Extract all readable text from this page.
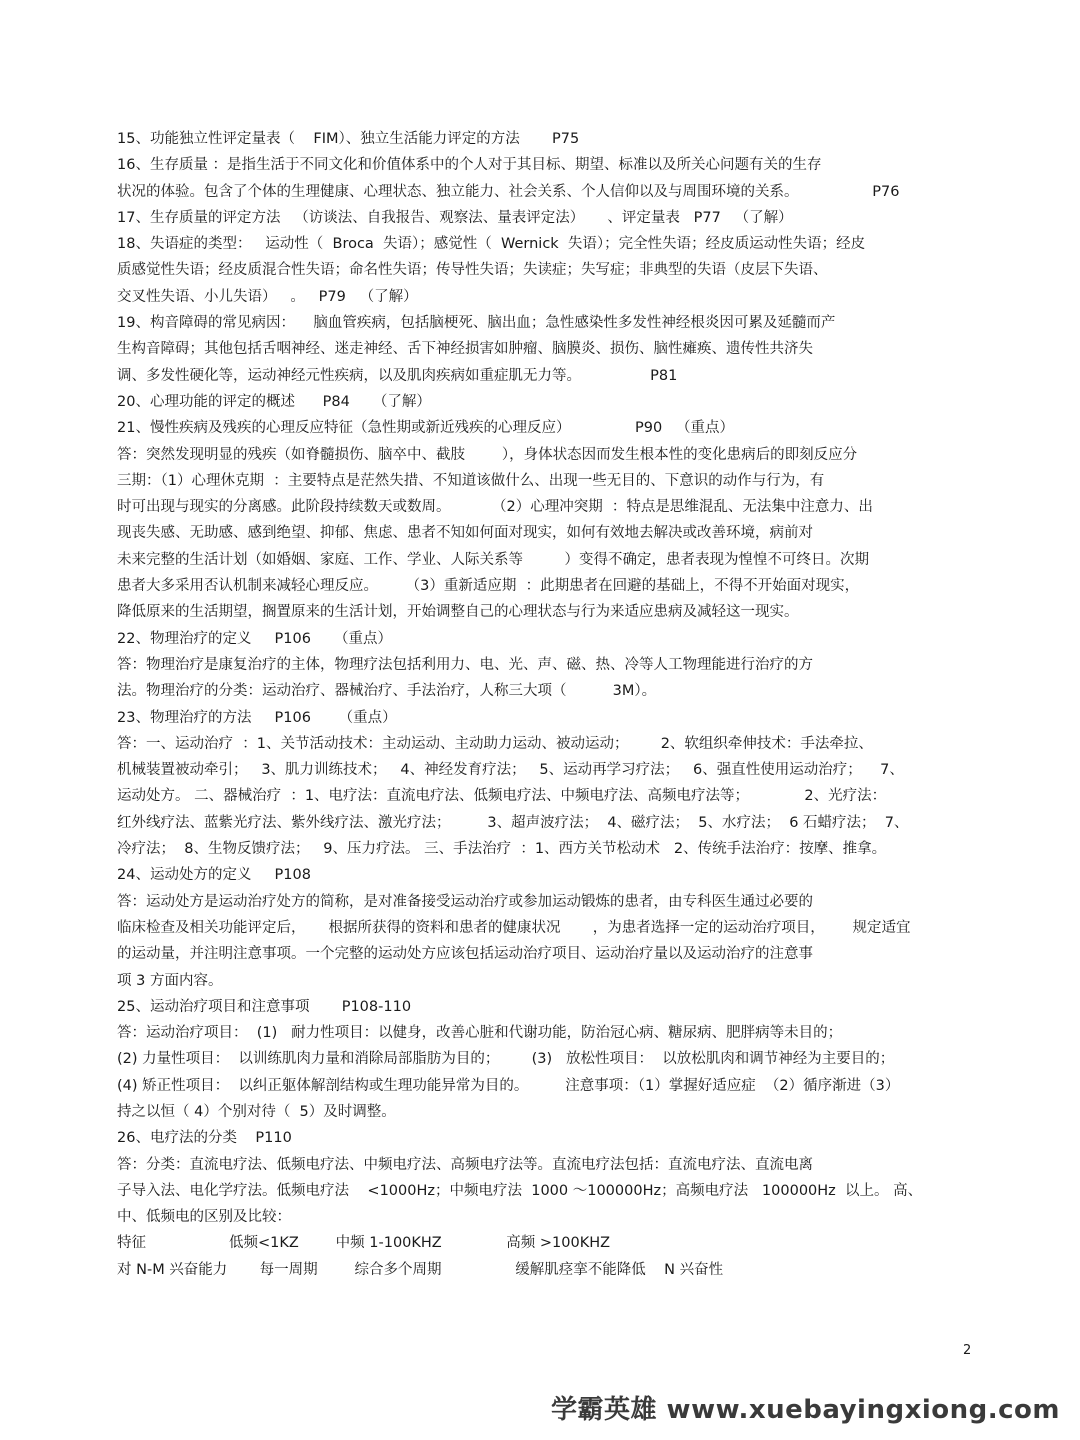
15、功能独立性评定量表（    FIM）、独立生活能力评定的方法       P75
16、生存质量 ：是指生活于不同文化和价值体系中的个人对于其目标、期望、标准以及所关心问题有关的生存
状况的体验。包含了个体的生理健康、心理状态、独立能力、社会关系、个人信仰以及与周围环境的关系。                P76
17、生存质量的评定方法   （访谈法、自我报告、观察法、量表评定法）     、评定量表   P77   （了解）
18、失语症的类型：   运动性（  Broca  失语）；感觉性（  Wernick  失语）；完全性失语；经皮质运动性失语；经皮
质感觉性失语；经皮质混合性失语；命名性失语；传导性失语；失读症；失写症；非典型的失语（皮层下失语、
交叉性失语、小儿失语）   。   P79   （了解）
19、构音障碍的常见病因：    脑血管疾病，包括脑梗死、脑出血；急性感染性多发性神经根炎因可累及延髓而产
生构音障碍；其他包括舌咽神经、迷走神经、舌下神经损害如肿瘤、脑膜炎、损伤、脑性瘫痪、遗传性共济失
调、多发性硬化等，运动神经元性疾病，以及肌肉疾病如重症肌无力等。               P81
20、心理功能的评定的概述      P84     （了解）
21、慢性疾病及残疾的心理反应特征（急性期或新近残疾的心理反应）              P90   （重点）
答：突然发现明显的残疾（如脊髓损伤、脑卒中、截肢        ），身体状态因而发生根本性的变化患病后的即刻反应分
三期：（1）心理休克期  ：主要特点是茫然失措、不知道该做什么、出现一些无目的、下意识的动作与行为，有
时可出现与现实的分离感。此阶段持续数天或数周。         （2）心理冲突期  ：特点是思维混乱、无法集中注意力、出
现丧失感、无助感、感到绝望、抑郁、焦虑、患者不知如何面对现实，如何有效地去解决或改善环境，病前对
未来完整的生活计划（如婚姻、家庭、工作、学业、人际关系等         ）变得不确定，患者表现为惶惶不可终日。次期
患者大多采用否认机制来减轻心理反应。      （3）重新适应期  ：此期患者在回避的基础上，不得不开始面对现实，
降低原来的生活期望，搁置原来的生活计划，开始调整自己的心理状态与行为来适应患病及减轻这一现实。
22、物理治疗的定义     P106     （重点）
答：物理治疗是康复治疗的主体，物理疗法包括利用力、电、光、声、磁、热、冷等人工物理能进行治疗的方
法。物理治疗的分类：运动治疗、器械治疗、手法治疗，人称三大项（          3M）。
23、物理治疗的方法     P106      （重点）
答：一、运动治疗  ：1、关节活动技术：主动运动、主动助力运动、被动运动；       2、软组织牵伸技术：手法牵拉、
机械装置被动牵引；   3、肌力训练技术；   4、神经发育疗法；   5、运动再学习疗法；   6、强直性使用运动治疗；    7、
运动处方。 二、器械治疗  ：1、电疗法：直流电疗法、低频电疗法、中频电疗法、高频电疗法等；            2、光疗法：
红外线疗法、蓝紫光疗法、紫外线疗法、激光疗法；        3、超声波疗法；  4、磁疗法；  5、水疗法；  6 石蜡疗法；  7、
冷疗法；  8、生物反馈疗法；   9、压力疗法。 三、手法治疗  ：1、西方关节松动术   2、传统手法治疗：按摩、推拿。
24、运动处方的定义     P108
答：运动处方是运动治疗处方的简称，是对准备接受运动治疗或参加运动锻炼的患者，由专科医生通过必要的
临床检查及相关功能评定后，     根据所获得的资料和患者的健康状况       ，为患者选择一定的运动治疗项目，      规定适宜
的运动量，并注明注意事项。一个完整的运动处方应该包括运动治疗项目、运动治疗量以及运动治疗的注意事
项 3 方面内容。
25、运动治疗项目和注意事项       P108-110
答：运动治疗项目：  (1)   耐力性项目：以健身，改善心脏和代谢功能，防治冠心病、糖尿病、肥胖病等未目的；
(2) 力量性项目：  以训练肌肉力量和消除局部脂肪为目的；       (3)   放松性项目：  以放松肌肉和调节神经为主要目的；
(4) 矫正性项目：  以纠正躯体解剖结构或生理功能异常为目的。        注意事项：（1）掌握好适应症  （2）循序渐进（3）
持之以恒（ 4）个别对待（  5）及时调整。
26、电疗法的分类    P110
答：分类：直流电疗法、低频电疗法、中频电疗法、高频电疗法等。直流电疗法包括：直流电疗法、直流电离
子导入法、电化学疗法。低频电疗法    <1000Hz；中频电疗法  1000 ～100000Hz；高频电疗法   100000Hz  以上。 高、
中、低频电的区别及比较：
特征                  低频<1KZ        中频 1-100KHZ              高频 >100KHZ
对 N-M 兴奋能力       每一周期        综合多个周期                缓解肌痉挛不能降低    N 兴奋性
2
学霸英雄 www.xuebayingxiong.com
